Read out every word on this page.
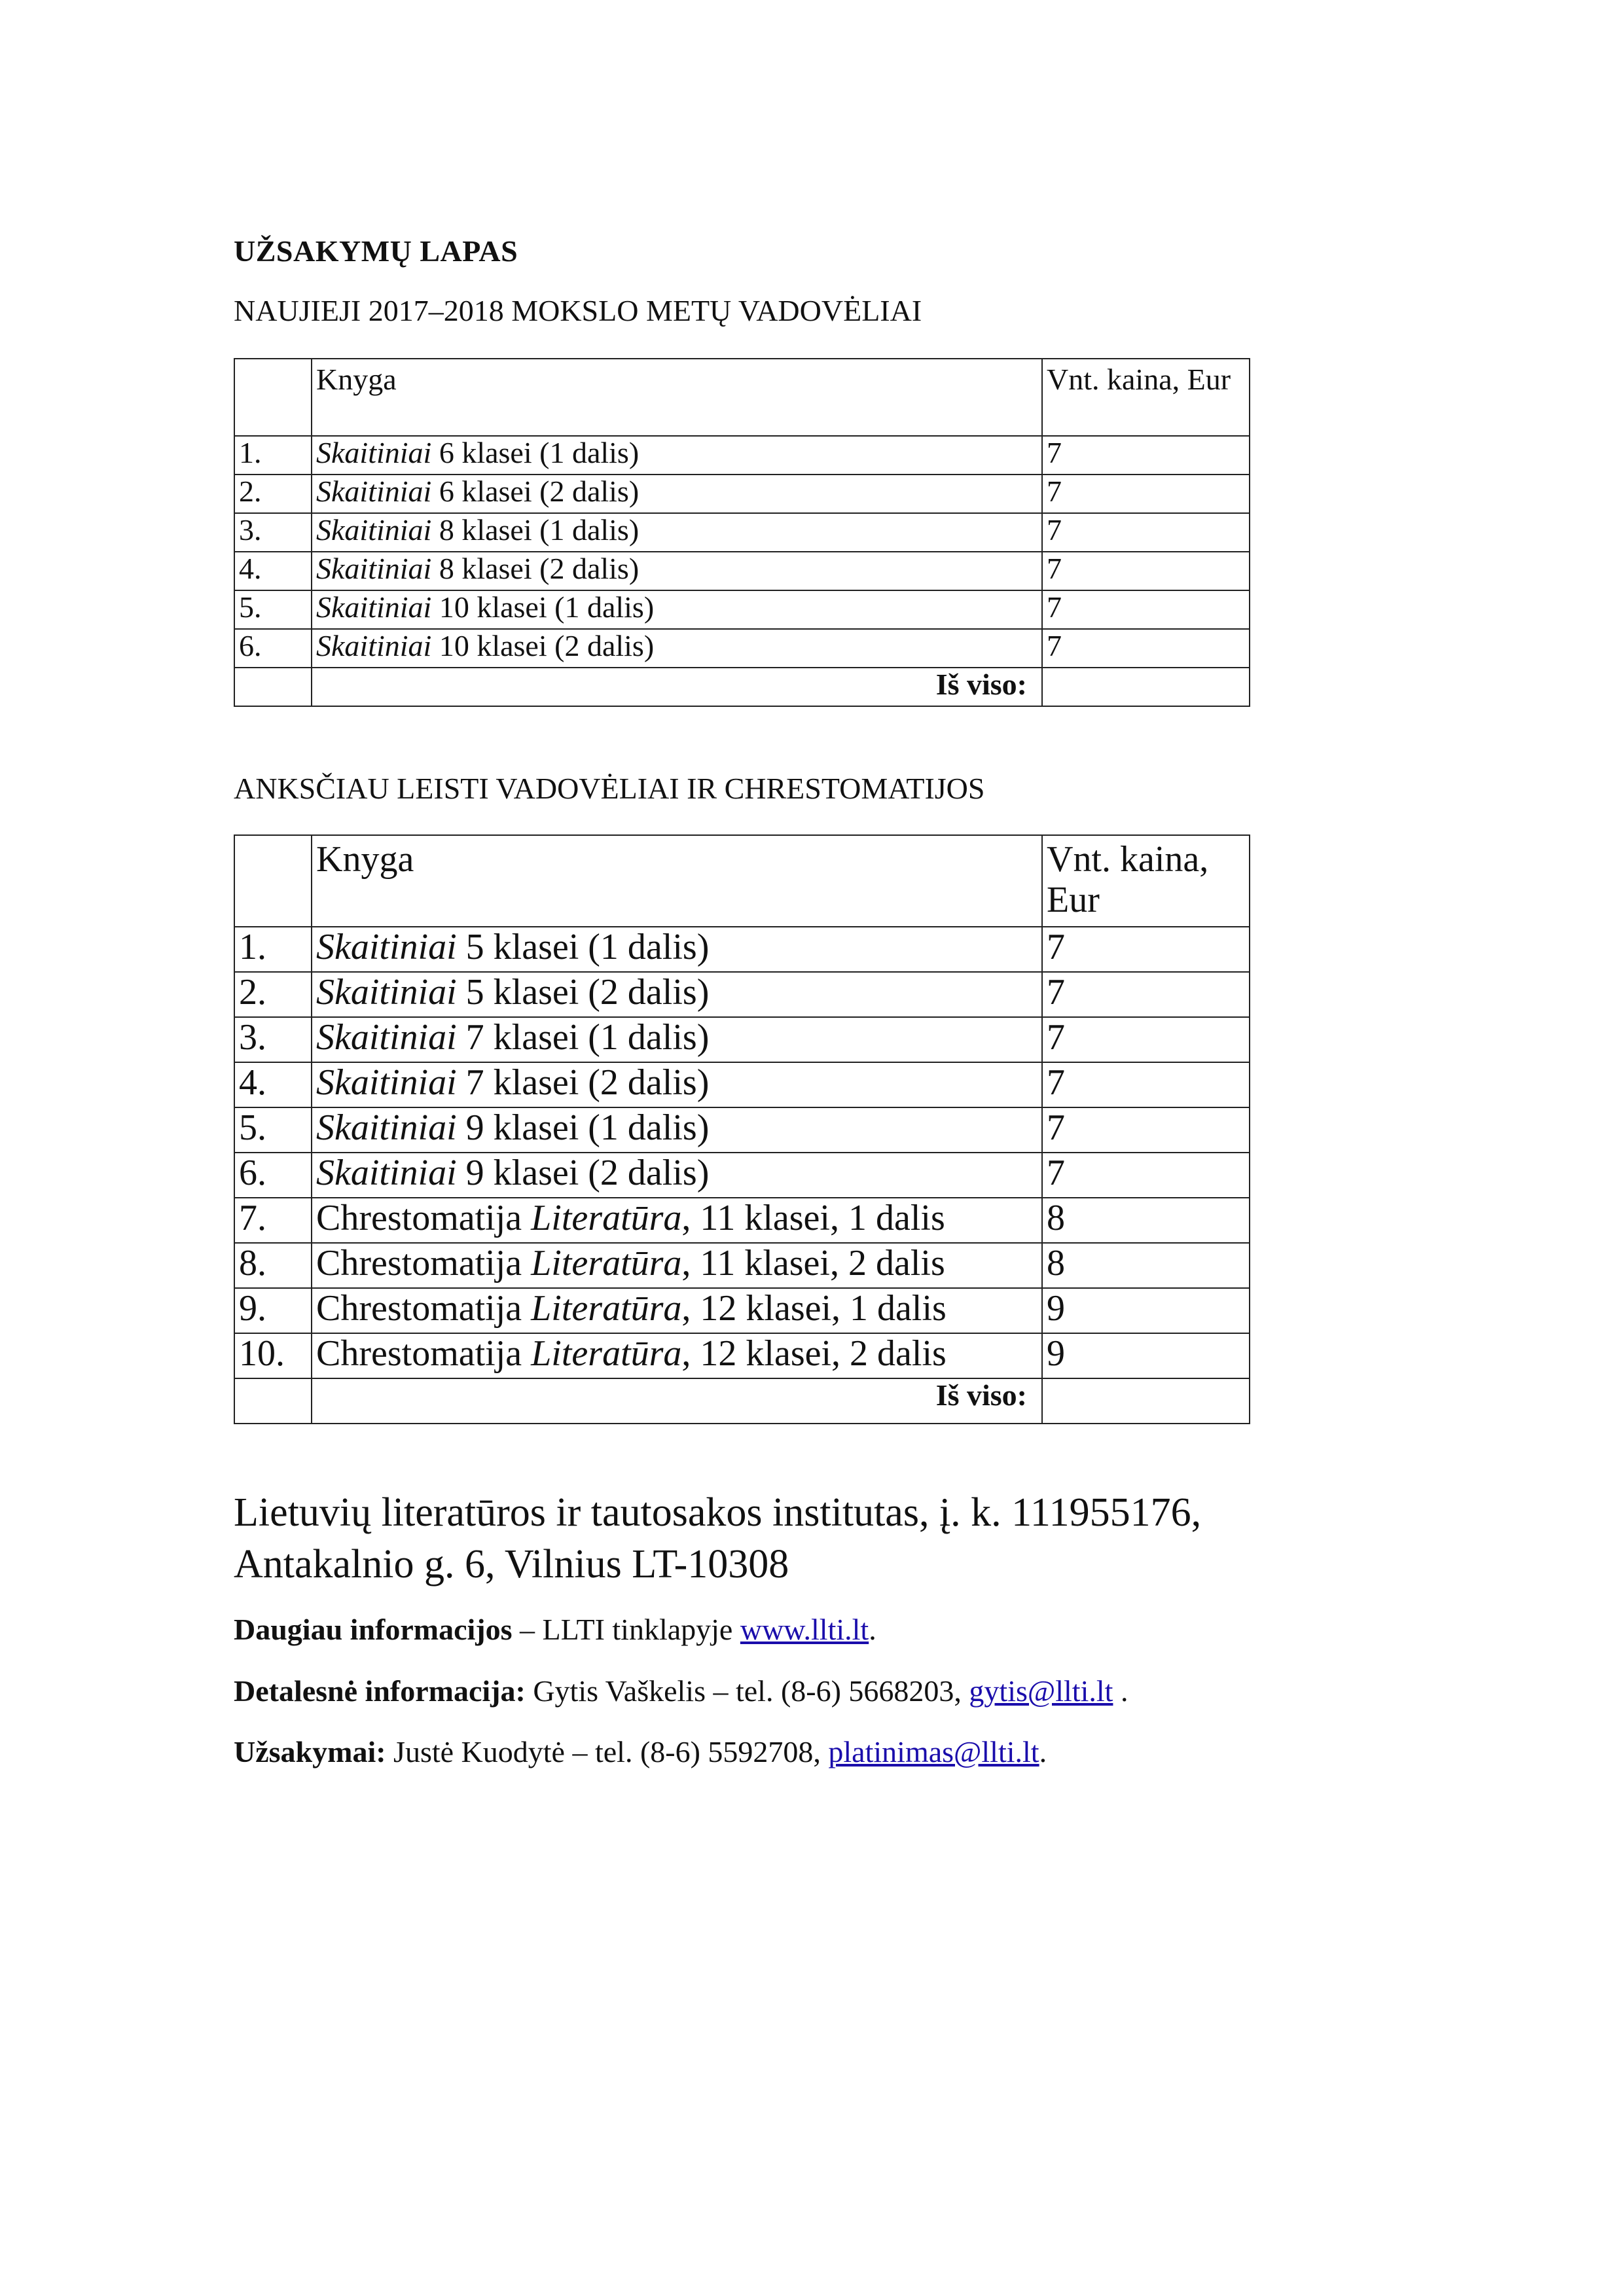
UŽSAKYMŲ LAPAS
NAUJIEJI 2017–2018 MOKSLO METŲ VADOVĖLIAI
	Knyga	Vnt. kaina, Eur
1.	Skaitiniai 6 klasei (1 dalis)	7
2.	Skaitiniai 6 klasei (2 dalis)	7
3.	Skaitiniai 8 klasei (1 dalis)	7
4.	Skaitiniai 8 klasei (2 dalis)	7
5.	Skaitiniai 10 klasei (1 dalis)	7
6.	Skaitiniai 10 klasei (2 dalis)	7
	Iš viso:	
ANKSČIAU LEISTI VADOVĖLIAI IR CHRESTOMATIJOS
	Knyga	Vnt. kaina, Eur
1.	Skaitiniai 5 klasei (1 dalis)	7
2.	Skaitiniai 5 klasei (2 dalis)	7
3.	Skaitiniai 7 klasei (1 dalis)	7
4.	Skaitiniai 7 klasei (2 dalis)	7
5.	Skaitiniai 9 klasei (1 dalis)	7
6.	Skaitiniai 9 klasei (2 dalis)	7
7.	Chrestomatija Literatūra, 11 klasei, 1 dalis	8
8.	Chrestomatija Literatūra, 11 klasei, 2 dalis	8
9.	Chrestomatija Literatūra, 12 klasei, 1 dalis	9
10.	Chrestomatija Literatūra, 12 klasei, 2 dalis	9
	Iš viso:	
Lietuvių literatūros ir tautosakos institutas, į. k. 111955176,
Antakalnio g. 6, Vilnius LT-10308
Daugiau informacijos – LLTI tinklapyje www.llti.lt.
Detalesnė informacija: Gytis Vaškelis – tel. (8-6) 5668203, gytis@llti.lt .
Užsakymai: Justė Kuodytė – tel. (8-6) 5592708, platinimas@llti.lt.
